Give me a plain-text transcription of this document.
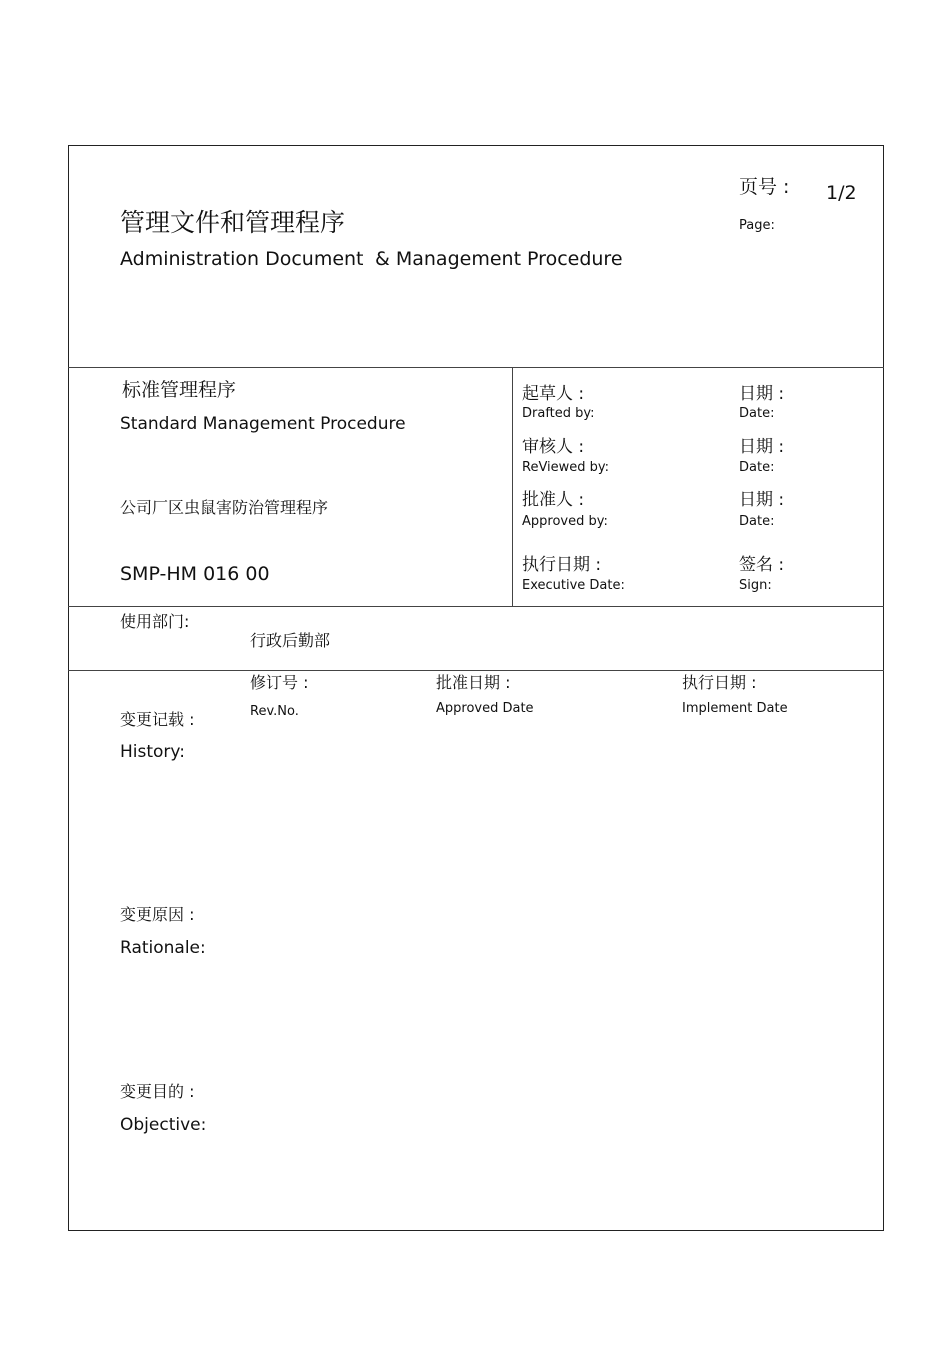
管理文件和管理程序
Administration Document & Management Procedure
页号 :
Page:
1/2
标准管理程序
Standard Management Procedure
公司厂区虫鼠害防治管理程序
SMP-HM 016 00
起草人 :
Drafted by:
日期 :
Date:
审核人 :
ReViewed by:
日期 :
Date:
批准人 :
Approved by:
日期 :
Date:
执行日期 :
Executive Date:
签名 :
Sign:
使用部门:
行政后勤部
修订号 :
Rev.No.
批准日期 :
Approved Date
执行日期 :
Implement Date
变更记载 :
History:
变更原因 :
Rationale:
变更目的 :
Objective:
